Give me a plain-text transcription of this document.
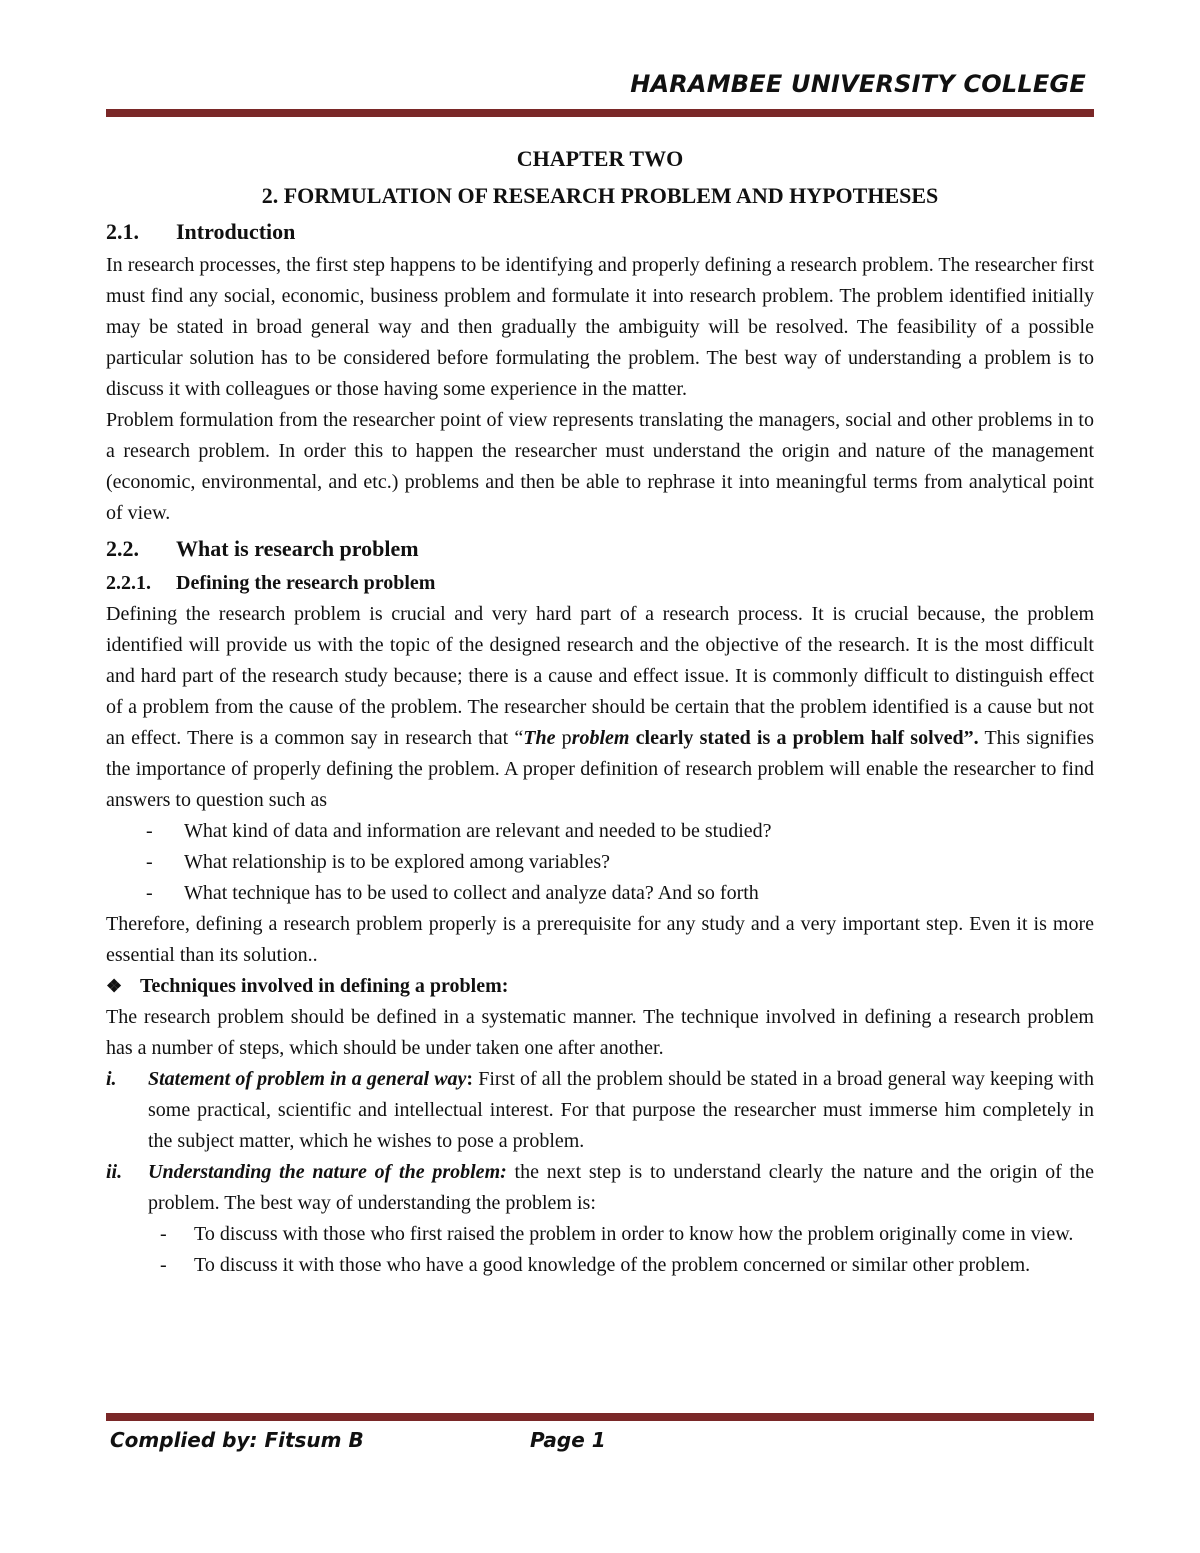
HARAMBEE UNIVERSITY COLLEGE
CHAPTER TWO
2. FORMULATION OF RESEARCH PROBLEM AND HYPOTHESES
2.1. Introduction

In research processes, the first step happens to be identifying and properly defining a research problem. The researcher first must find any social, economic, business problem and formulate it into research problem. The problem identified initially may be stated in broad general way and then gradually the ambiguity will be resolved. The feasibility of a possible particular solution has to be considered before formulating the problem. The best way of understanding a problem is to discuss it with colleagues or those having some experience in the matter.

Problem formulation from the researcher point of view represents translating the managers, social and other problems in to a research problem. In order this to happen the researcher must understand the origin and nature of the management (economic, environmental, and etc.) problems and then be able to rephrase it into meaningful terms from analytical point of view.

2.2. What is research problem
2.2.1. Defining the research problem

Defining the research problem is crucial and very hard part of a research process. It is crucial because, the problem identified will provide us with the topic of the designed research and the objective of the research. It is the most difficult and hard part of the research study because; there is a cause and effect issue. It is commonly difficult to distinguish effect of a problem from the cause of the problem. The researcher should be certain that the problem identified is a cause but not an effect. There is a common say in research that “The problem clearly stated is a problem half solved”. This signifies the importance of properly defining the problem. A proper definition of research problem will enable the researcher to find answers to question such as

- What kind of data and information are relevant and needed to be studied?
- What relationship is to be explored among variables?
- What technique has to be used to collect and analyze data? And so forth

Therefore, defining a research problem properly is a prerequisite for any study and a very important step. Even it is more essential than its solution..

❖ Techniques involved in defining a problem:

The research problem should be defined in a systematic manner. The technique involved in defining a research problem has a number of steps, which should be under taken one after another.

i. Statement of problem in a general way: First of all the problem should be stated in a broad general way keeping with some practical, scientific and intellectual interest. For that purpose the researcher must immerse him completely in the subject matter, which he wishes to pose a problem.
ii. Understanding the nature of the problem: the next step is to understand clearly the nature and the origin of the problem. The best way of understanding the problem is:
- To discuss with those who first raised the problem in order to know how the problem originally come in view.
- To discuss it with those who have a good knowledge of the problem concerned or similar other problem.
Complied by: Fitsum B	Page 1
